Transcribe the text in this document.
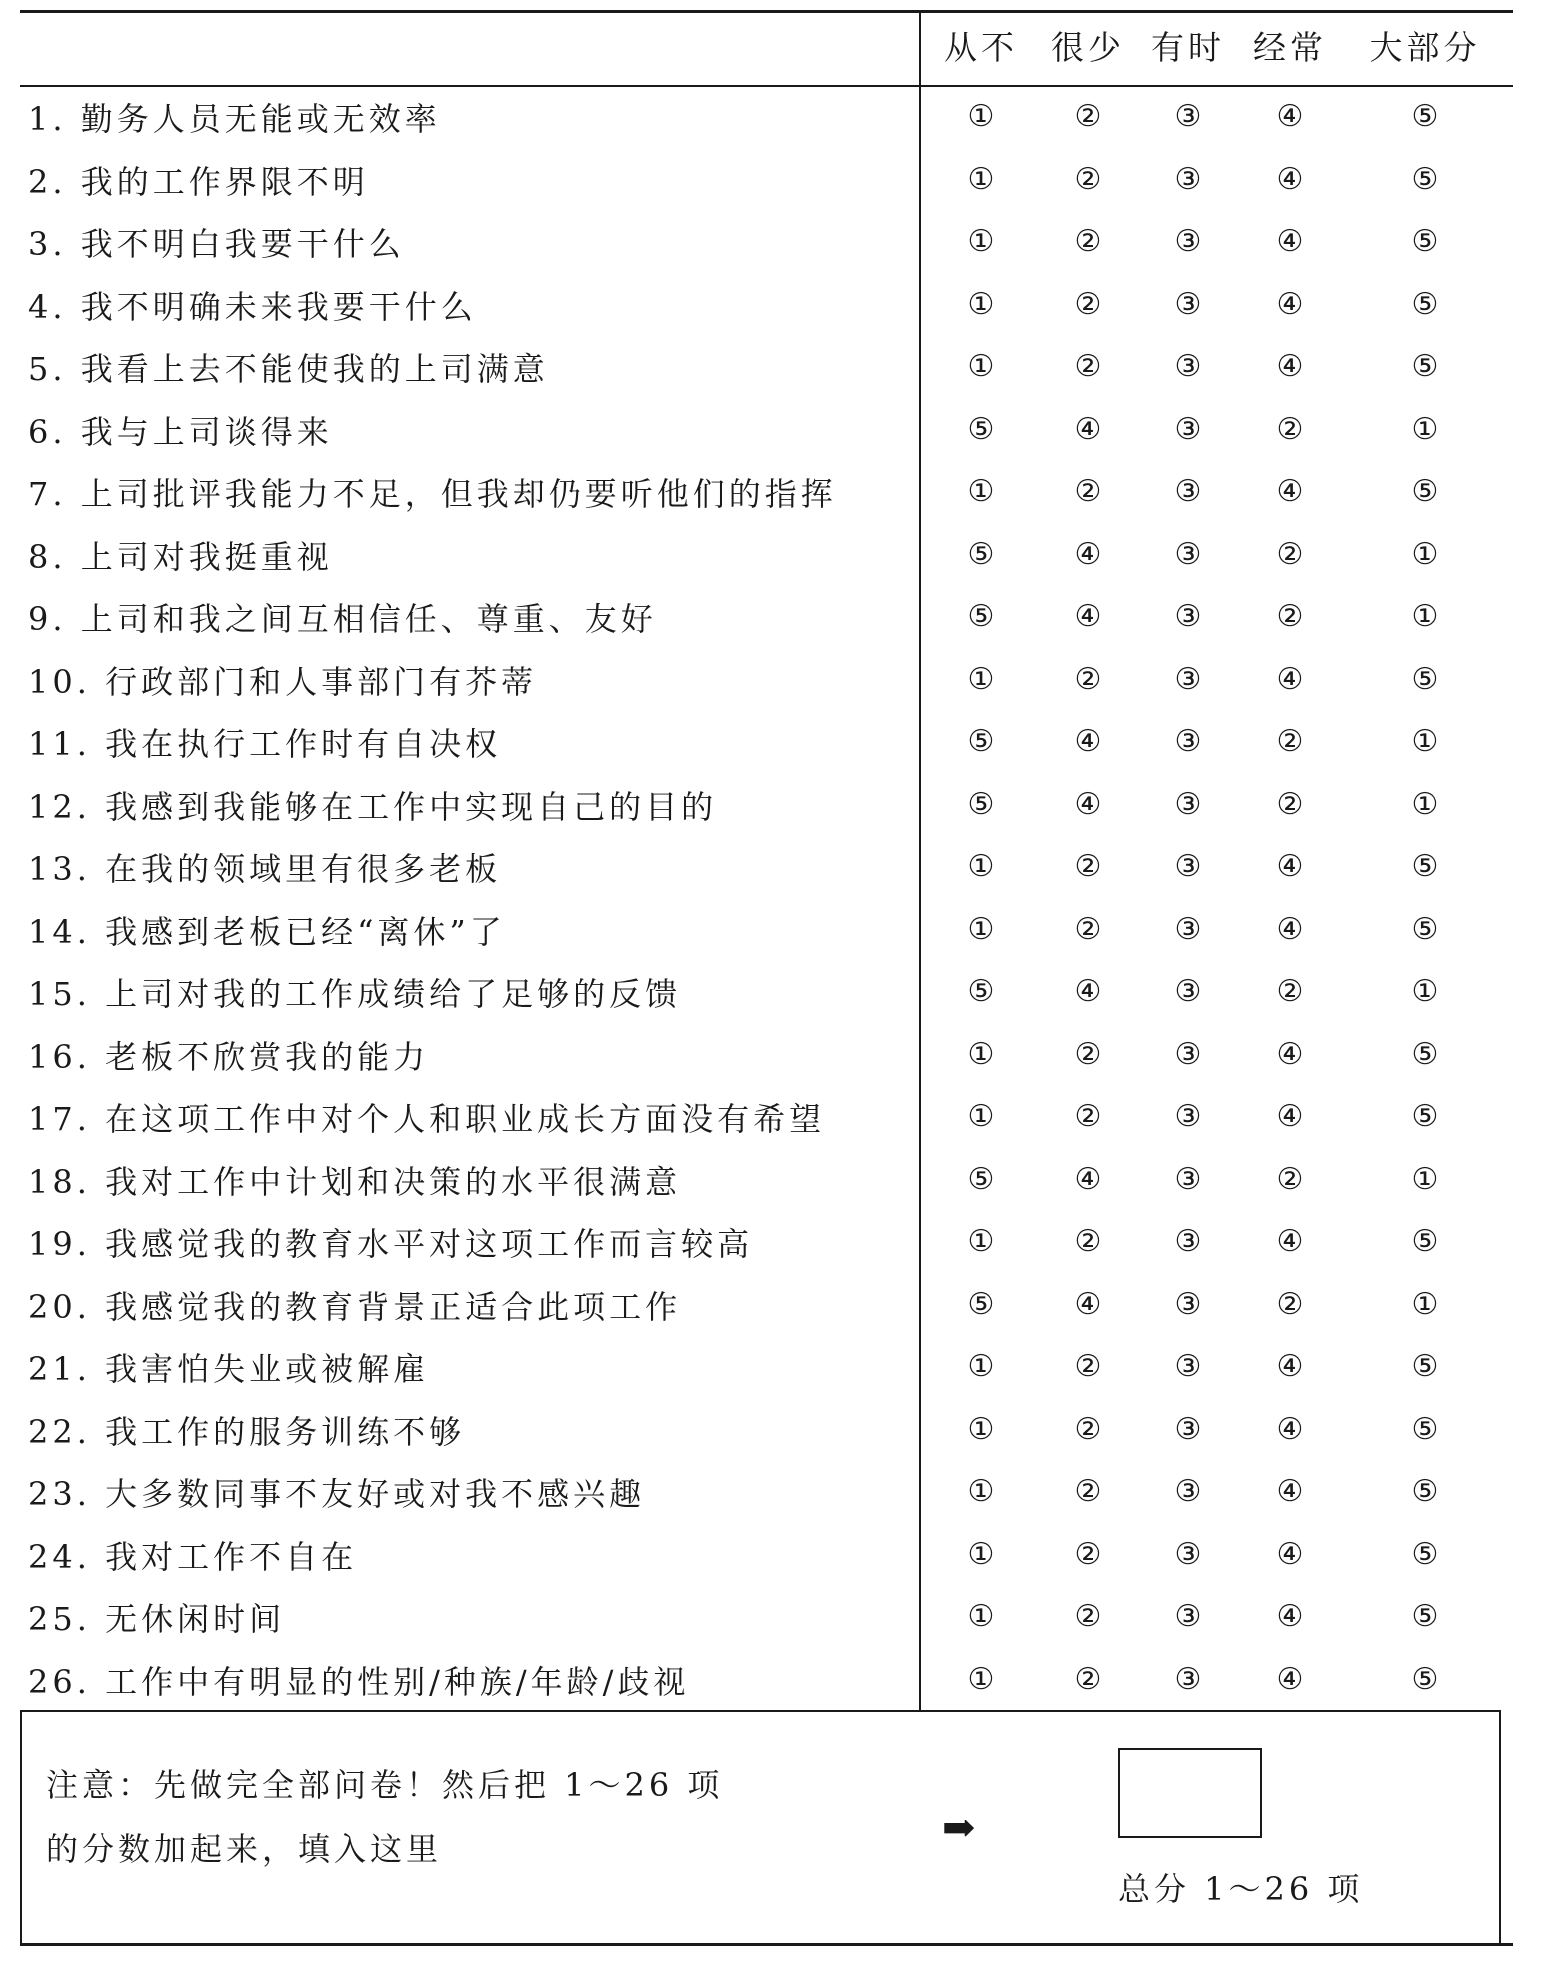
从不 很少 有时 经常 大部分
1. 勤务人员无能或无效率	①	② ③	④	⑤
2. 我的工作界限不明	①	② ③	④	⑤
3. 我不明白我要干什么	①	② ③	④	⑤
4. 我不明确未来我要干什么	①	② ③	④	⑤
5. 我看上去不能使我的上司满意	①	② ③	④	⑤
6. 我与上司谈得来	⑤	④ ③	②	①
7. 上司批评我能力不足，但我却仍要听他们的指挥	①	② ③	④	⑤
8. 上司对我挺重视	⑤	④ ③	②	①
9. 上司和我之间互相信任、尊重、友好	⑤	④ ③	②	①
10. 行政部门和人事部门有芥蒂	①	② ③	④	⑤
11. 我在执行工作时有自决权	⑤	④ ③	②	①
12. 我感到我能够在工作中实现自己的目的	⑤	④ ③	②	①
13. 在我的领域里有很多老板	①	② ③	④	⑤
14. 我感到老板已经“离休”了	①	② ③	④	⑤
15. 上司对我的工作成绩给了足够的反馈	⑤	④ ③	②	①
16. 老板不欣赏我的能力	①	② ③	④	⑤
17. 在这项工作中对个人和职业成长方面没有希望	①	② ③	④	⑤
18. 我对工作中计划和决策的水平很满意	⑤	④ ③	②	①
19. 我感觉我的教育水平对这项工作而言较高	①	② ③	④	⑤
20. 我感觉我的教育背景正适合此项工作	⑤	④ ③	②	①
21. 我害怕失业或被解雇	①	② ③	④	⑤
22. 我工作的服务训练不够	①	② ③	④	⑤
23. 大多数同事不友好或对我不感兴趣	①	② ③	④	⑤
24. 我对工作不自在	①	② ③	④	⑤
25. 无休闲时间	①	② ③	④	⑤
26. 工作中有明显的性别/种族/年龄/歧视	①	② ③	④	⑤
注意：先做完全部问卷！然后把 1～26 项
的分数加起来，填入这里	➡
总分 1～26 项
